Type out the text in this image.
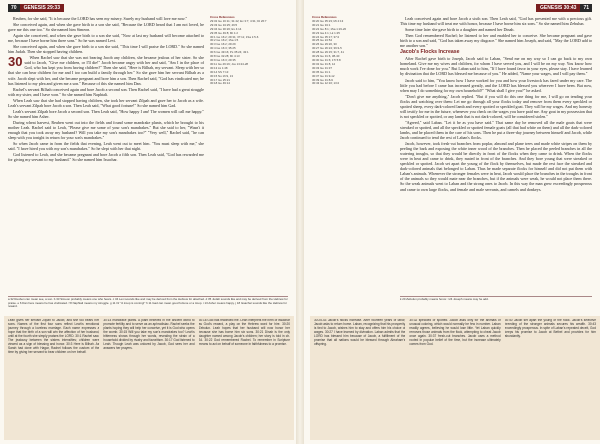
70	GENESIS 29:33

Reuben, for she said, "It is because the LORD has seen my misery. Surely my husband will love me now."

She conceived again, and when she gave birth to a son she said, "Because the LORD heard that I am not loved, he gave me this one too." So she named him Simeon.

Again she conceived, and when she gave birth to a son she said, "Now at last my husband will become attached to me, because I have borne him three sons." So he was named Levi.

She conceived again, and when she gave birth to a son she said, "This time I will praise the LORD." So she named him Judah. Then she stopped having children.

30	When Rachel saw that she was not bearing Jacob any children, she became jealous of her sister. So she said to Jacob, "Give me children, or I'll die!" Jacob became angry with her and said, "Am I in the place of God, who has kept you from having children?" Then she said, "Here is Bilhah, my servant. Sleep with her so that she can bear children for me and I too can build a family through her." So she gave him her servant Bilhah as a wife. Jacob slept with her, and she became pregnant and bore him a son. Then Rachel said, "God has vindicated me; he has listened to my plea and given me a son." Because of this she named him Dan.

Rachel's servant Bilhah conceived again and bore Jacob a second son. Then Rachel said, "I have had a great struggle with my sister, and I have won." So she named him Naphtali.

When Leah saw that she had stopped having children, she took her servant Zilpah and gave her to Jacob as a wife. Leah's servant Zilpah bore Jacob a son. Then Leah said, "What good fortune!" So she named him Gad.

Leah's servant Zilpah bore Jacob a second son. Then Leah said, "How happy I am! The women will call me happy." So she named him Asher.

During wheat harvest, Reuben went out into the fields and found some mandrake plants, which he brought to his mother Leah. Rachel said to Leah, "Please give me some of your son's mandrakes." But she said to her, "Wasn't it enough that you took away my husband? Will you take my son's mandrakes too?" "Very well," Rachel said, "he can sleep with you tonight in return for your son's mandrakes."

So when Jacob came in from the fields that evening, Leah went out to meet him. "You must sleep with me," she said. "I have hired you with my son's mandrakes." So he slept with her that night.

God listened to Leah, and she became pregnant and bore Jacob a fifth son. Then Leah said, "God has rewarded me for giving my servant to my husband." So she named him Issachar.

Cross References
29:32 Ge 16:11; 31:42; Ex 3:7; 4:31; Dt 26:7
29:33 Ge 34:25; 49:5
29:34 Ge 30:20; Ex 4:14
29:35 Ge 49:8; Mt 1:2
30:1 Ge 16:2; 29:31; 37:11; 1Sa 1:5-6
30:2 Ge 16:2; 1Sa 1:5
30:3 Ge 16:2; 29:29
30:4 Ge 16:3; 35:25
30:6 Ge 49:16; Ps 35:24; 43:1
30:8 Ge 32:28; Mt 4:13
30:9 Ge 16:3; 29:35
30:11 Ge 49:19; Jos 13:24-28
30:13 Lk 1:48
30:14 SS 7:13
30:15 Nu 16:9, 13
30:17 Ge 25:21
30:18 Ge 49:14
a 32 Reuben can mean see, a son. b 33 Simeon probably means one who hears. c 34 Levi sounds like and may be derived from the Hebrew for attached. d 35 Judah sounds like and may be derived from the Hebrew for praise. e 6 Dan here means he has vindicated. f 8 Naphtali means my struggle. g 11 Or "A troop is coming!" h 11 Gad can mean good fortune or a troop. i 13 Asher means happy. j 18 Issachar sounds like the Hebrew for reward.
Leah gives her servant Zilpah to Jacob, and she too bears him sons. Names of the first four sons reflect Leah's emotional journey through a loveless marriage. Each name expresses a hope that the birth of a son will win the affection of her husband, until at the fourth she simply praises the LORD. 30:1 Rachel saw. The jealousy between the sisters intensifies; children were viewed as a sign of blessing and honor. 30:3 Here is Bilhah. As Sarah had done with Hagar, Rachel follows the custom of the time by giving her servant to bear children on her behalf.
30:14 mandrake plants. A plant believed in the ancient world to promote fertility and to serve as an aphrodisiac. Rachel seeks the plants hoping they will help her conceive, yet it is God who opens the womb. 30:15 Will you take my son's mandrakes too? Leah's bitterness shows through her words, revealing the strain of a household divided by rivalry and favoritism. 30:17 God listened to Leah. Though Leah was unloved by Jacob, God sees her and answers her prayers.
30:18 God has rewarded me. Leah interprets the birth of Issachar as God's reward, a play on the Hebrew word for hire. 30:20 Zebulun. Leah hopes that her husband will now honor her because she has borne him six sons. 30:21 Dinah is the only daughter named among Jacob's children; her story is told in ch. 34. 30:22 God remembered Rachel. To remember in Scripture means to act on behalf of someone in faithfulness to a promise.
GENESIS 30:43	71
Cross References
30:20 Ge 35:23; Mt 4:13
30:21 Ge 34:1
30:22 Ge 8:1; 1Sa 1:19-20
30:23 Isa 4:1; Lk 1:25
30:24 Ge 35:17; 37:2
30:25 Ge 24:54
30:26 Ge 29:20, 30
30:27 Ge 26:24; 39:3-5
30:28 Ge 29:15; 31:7, 41
30:29 Ge 31:6, 38-40
30:30 Ge 31:6; 1Ti 5:8
30:32 Ge 31:8, 12
30:33 Ge 31:37
30:35 Ge 31:1
30:37 Ge 31:9-12
30:39 Ge 31:8-9
30:43 Ge 12:16; 13:2

Leah conceived again and bore Jacob a sixth son. Then Leah said, "God has presented me with a precious gift. This time my husband will treat me with honor, because I have borne him six sons." So she named him Zebulun.

Some time later she gave birth to a daughter and named her Dinah.

Then God remembered Rachel; he listened to her and enabled her to conceive. She became pregnant and gave birth to a son and said, "God has taken away my disgrace." She named him Joseph, and said, "May the LORD add to me another son."

Jacob's Flocks Increase

After Rachel gave birth to Joseph, Jacob said to Laban, "Send me on my way so I can go back to my own homeland. Give me my wives and children, for whom I have served you, and I will be on my way. You know how much work I've done for you." But Laban said to him, "If I have found favor in your eyes, please stay. I have learned by divination that the LORD has blessed me because of you." He added, "Name your wages, and I will pay them."

Jacob said to him, "You know how I have worked for you and how your livestock has fared under my care. The little you had before I came has increased greatly, and the LORD has blessed you wherever I have been. But now, when may I do something for my own household?" "What shall I give you?" he asked.

"Don't give me anything," Jacob replied. "But if you will do this one thing for me, I will go on tending your flocks and watching over them: Let me go through all your flocks today and remove from them every speckled or spotted sheep, every dark-colored lamb and every spotted or speckled goat. They will be my wages. And my honesty will testify for me in the future, whenever you check on the wages you have paid me. Any goat in my possession that is not speckled or spotted, or any lamb that is not dark-colored, will be considered stolen."

"Agreed," said Laban. "Let it be as you have said." That same day he removed all the male goats that were streaked or spotted, and all the speckled or spotted female goats (all that had white on them) and all the dark-colored lambs, and he placed them in the care of his sons. Then he put a three-day journey between himself and Jacob, while Jacob continued to tend the rest of Laban's flocks.

Jacob, however, took fresh-cut branches from poplar, almond and plane trees and made white stripes on them by peeling the bark and exposing the white inner wood of the branches. Then he placed the peeled branches in all the watering troughs, so that they would be directly in front of the flocks when they came to drink. When the flocks were in heat and came to drink, they mated in front of the branches. And they bore young that were streaked or speckled or spotted. Jacob set apart the young of the flock by themselves, but made the rest face the streaked and dark-colored animals that belonged to Laban. Thus he made separate flocks for himself and did not put them with Laban's animals. Whenever the stronger females were in heat, Jacob would place the branches in the troughs in front of the animals so they would mate near the branches, but if the animals were weak, he would not place them there. So the weak animals went to Laban and the strong ones to Jacob. In this way the man grew exceedingly prosperous and came to own large flocks, and female and male servants, and camels and donkeys.

k 20 Zebulun probably means honor. l 24 Joseph means may he add.
30:25-43 Jacob's flocks increase. After fourteen years of labor, Jacob asks to return home. Laban, recognizing that his prosperity is tied to Jacob, wishes him to stay and offers him his choice of wages. 30:27 I have learned by divination. Laban admits that the LORD has blessed him because of Jacob, a fulfillment of the promise that all nations would be blessed through Abraham's offspring.
30:32 speckled or spotted. Jacob asks only for the animals of unusual coloring, which would normally be few in number. Laban readily agrees, believing he would lose little. Yet Laban quickly removes those animals from the flock, attempting to cheat Jacob once again. 30:37 fresh-cut branches. Jacob uses a method rooted in popular belief of the time, but the increase ultimately comes from God.
30:40 Jacob set apart the young of the flock. Jacob's selective breeding of the stronger animals secures his wealth. 30:43 exceedingly prosperous. In spite of Laban's repeated deceit, God keeps his promise to Jacob at Bethel and provides for him abundantly.
